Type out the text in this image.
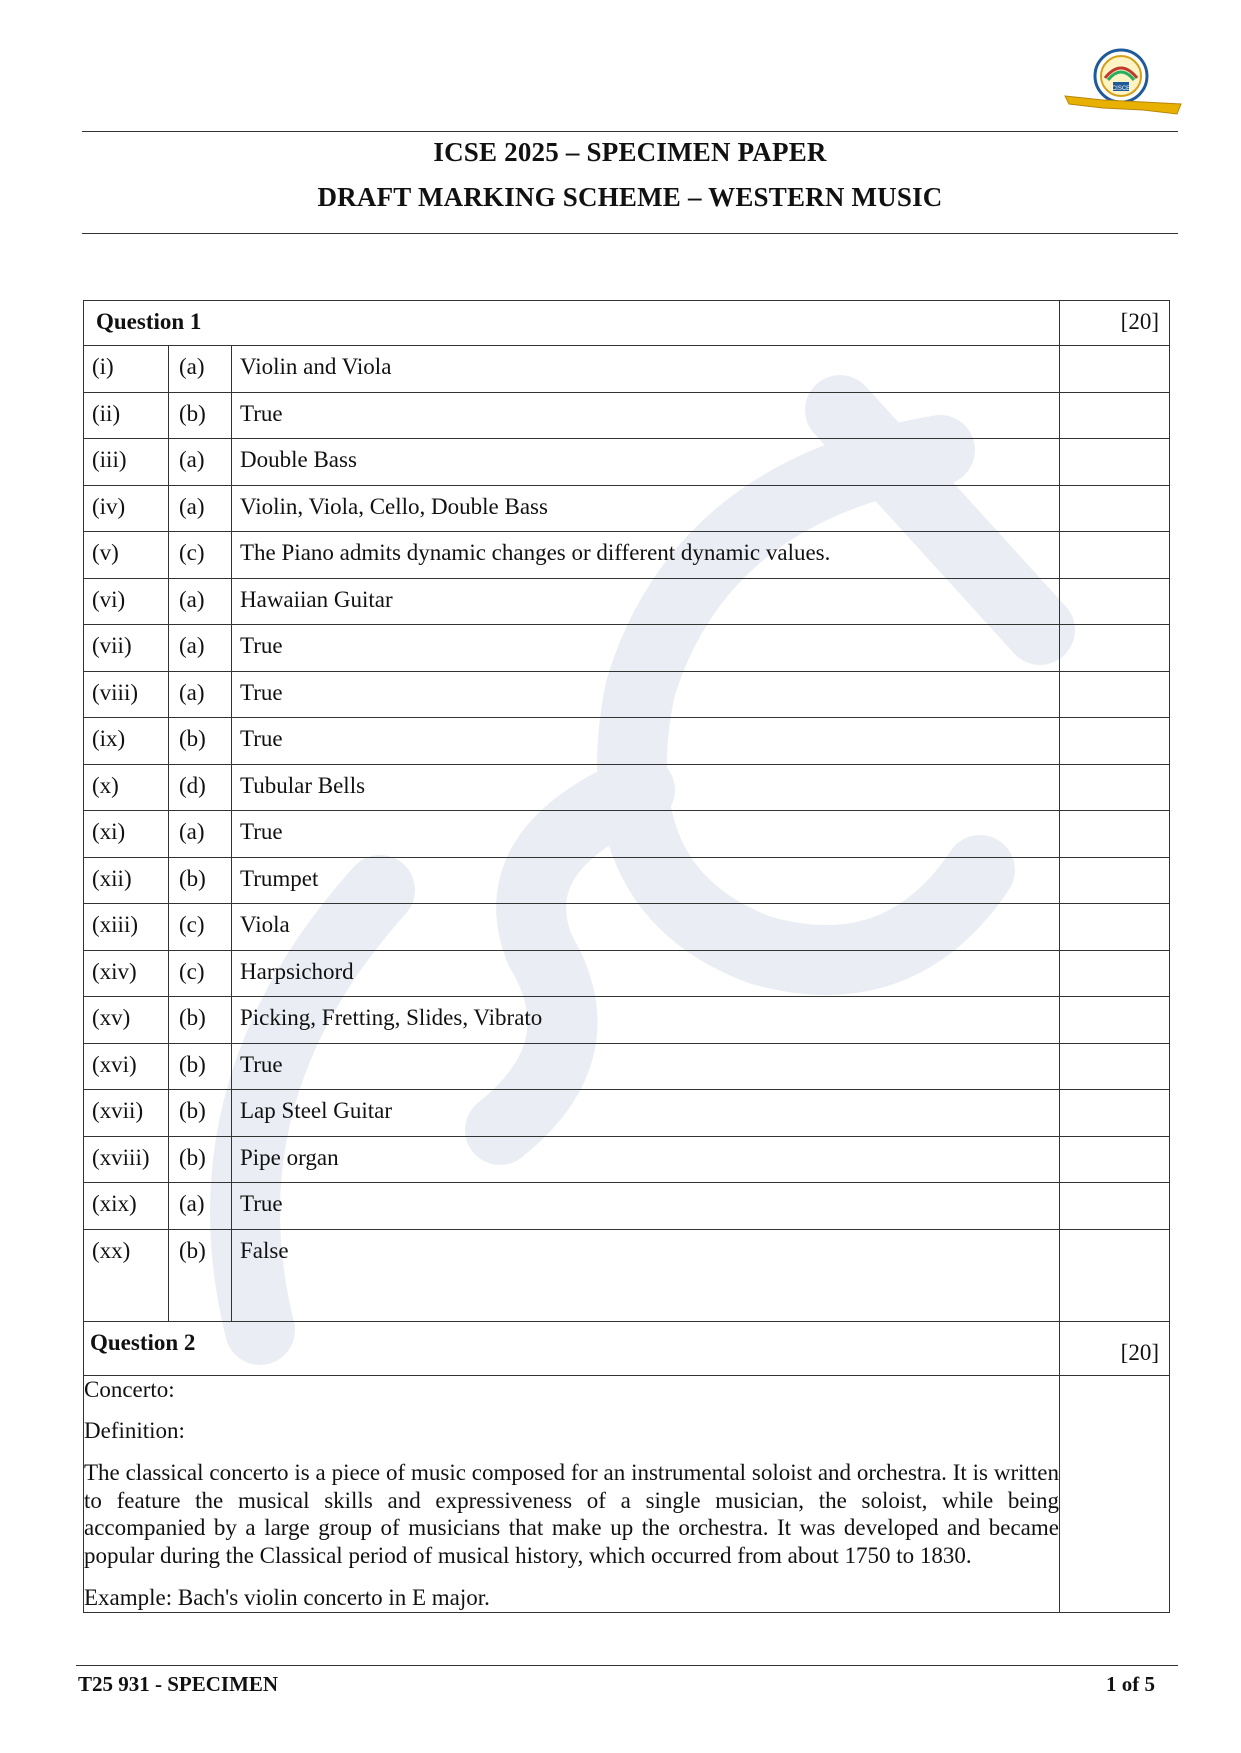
CISCE
ICSE 2025 – SPECIMEN PAPER
DRAFT MARKING SCHEME – WESTERN MUSIC
Question 1			[20]
(i)	(a)	Violin and Viola	
(ii)	(b)	True	
(iii)	(a)	Double Bass	
(iv)	(a)	Violin, Viola, Cello, Double Bass	
(v)	(c)	The Piano admits dynamic changes or different dynamic values.	
(vi)	(a)	Hawaiian Guitar	
(vii)	(a)	True	
(viii)	(a)	True	
(ix)	(b)	True	
(x)	(d)	Tubular Bells	
(xi)	(a)	True	
(xii)	(b)	Trumpet	
(xiii)	(c)	Viola	
(xiv)	(c)	Harpsichord	
(xv)	(b)	Picking, Fretting, Slides, Vibrato	
(xvi)	(b)	True	
(xvii)	(b)	Lap Steel Guitar	
(xviii)	(b)	Pipe organ	
(xix)	(a)	True	
(xx)	(b)	False	
Question 2			[20]

Concerto:

Definition:

The classical concerto is a piece of music composed for an instrumental soloist and orchestra. It is written to feature the musical skills and expressiveness of a single musician, the soloist, while being accompanied by a large group of musicians that make up the orchestra. It was developed and became popular during the Classical period of musical history, which occurred from about 1750 to 1830.

Example: Bach's violin concerto in E major.			

T25 931 - SPECIMEN	1 of 5
